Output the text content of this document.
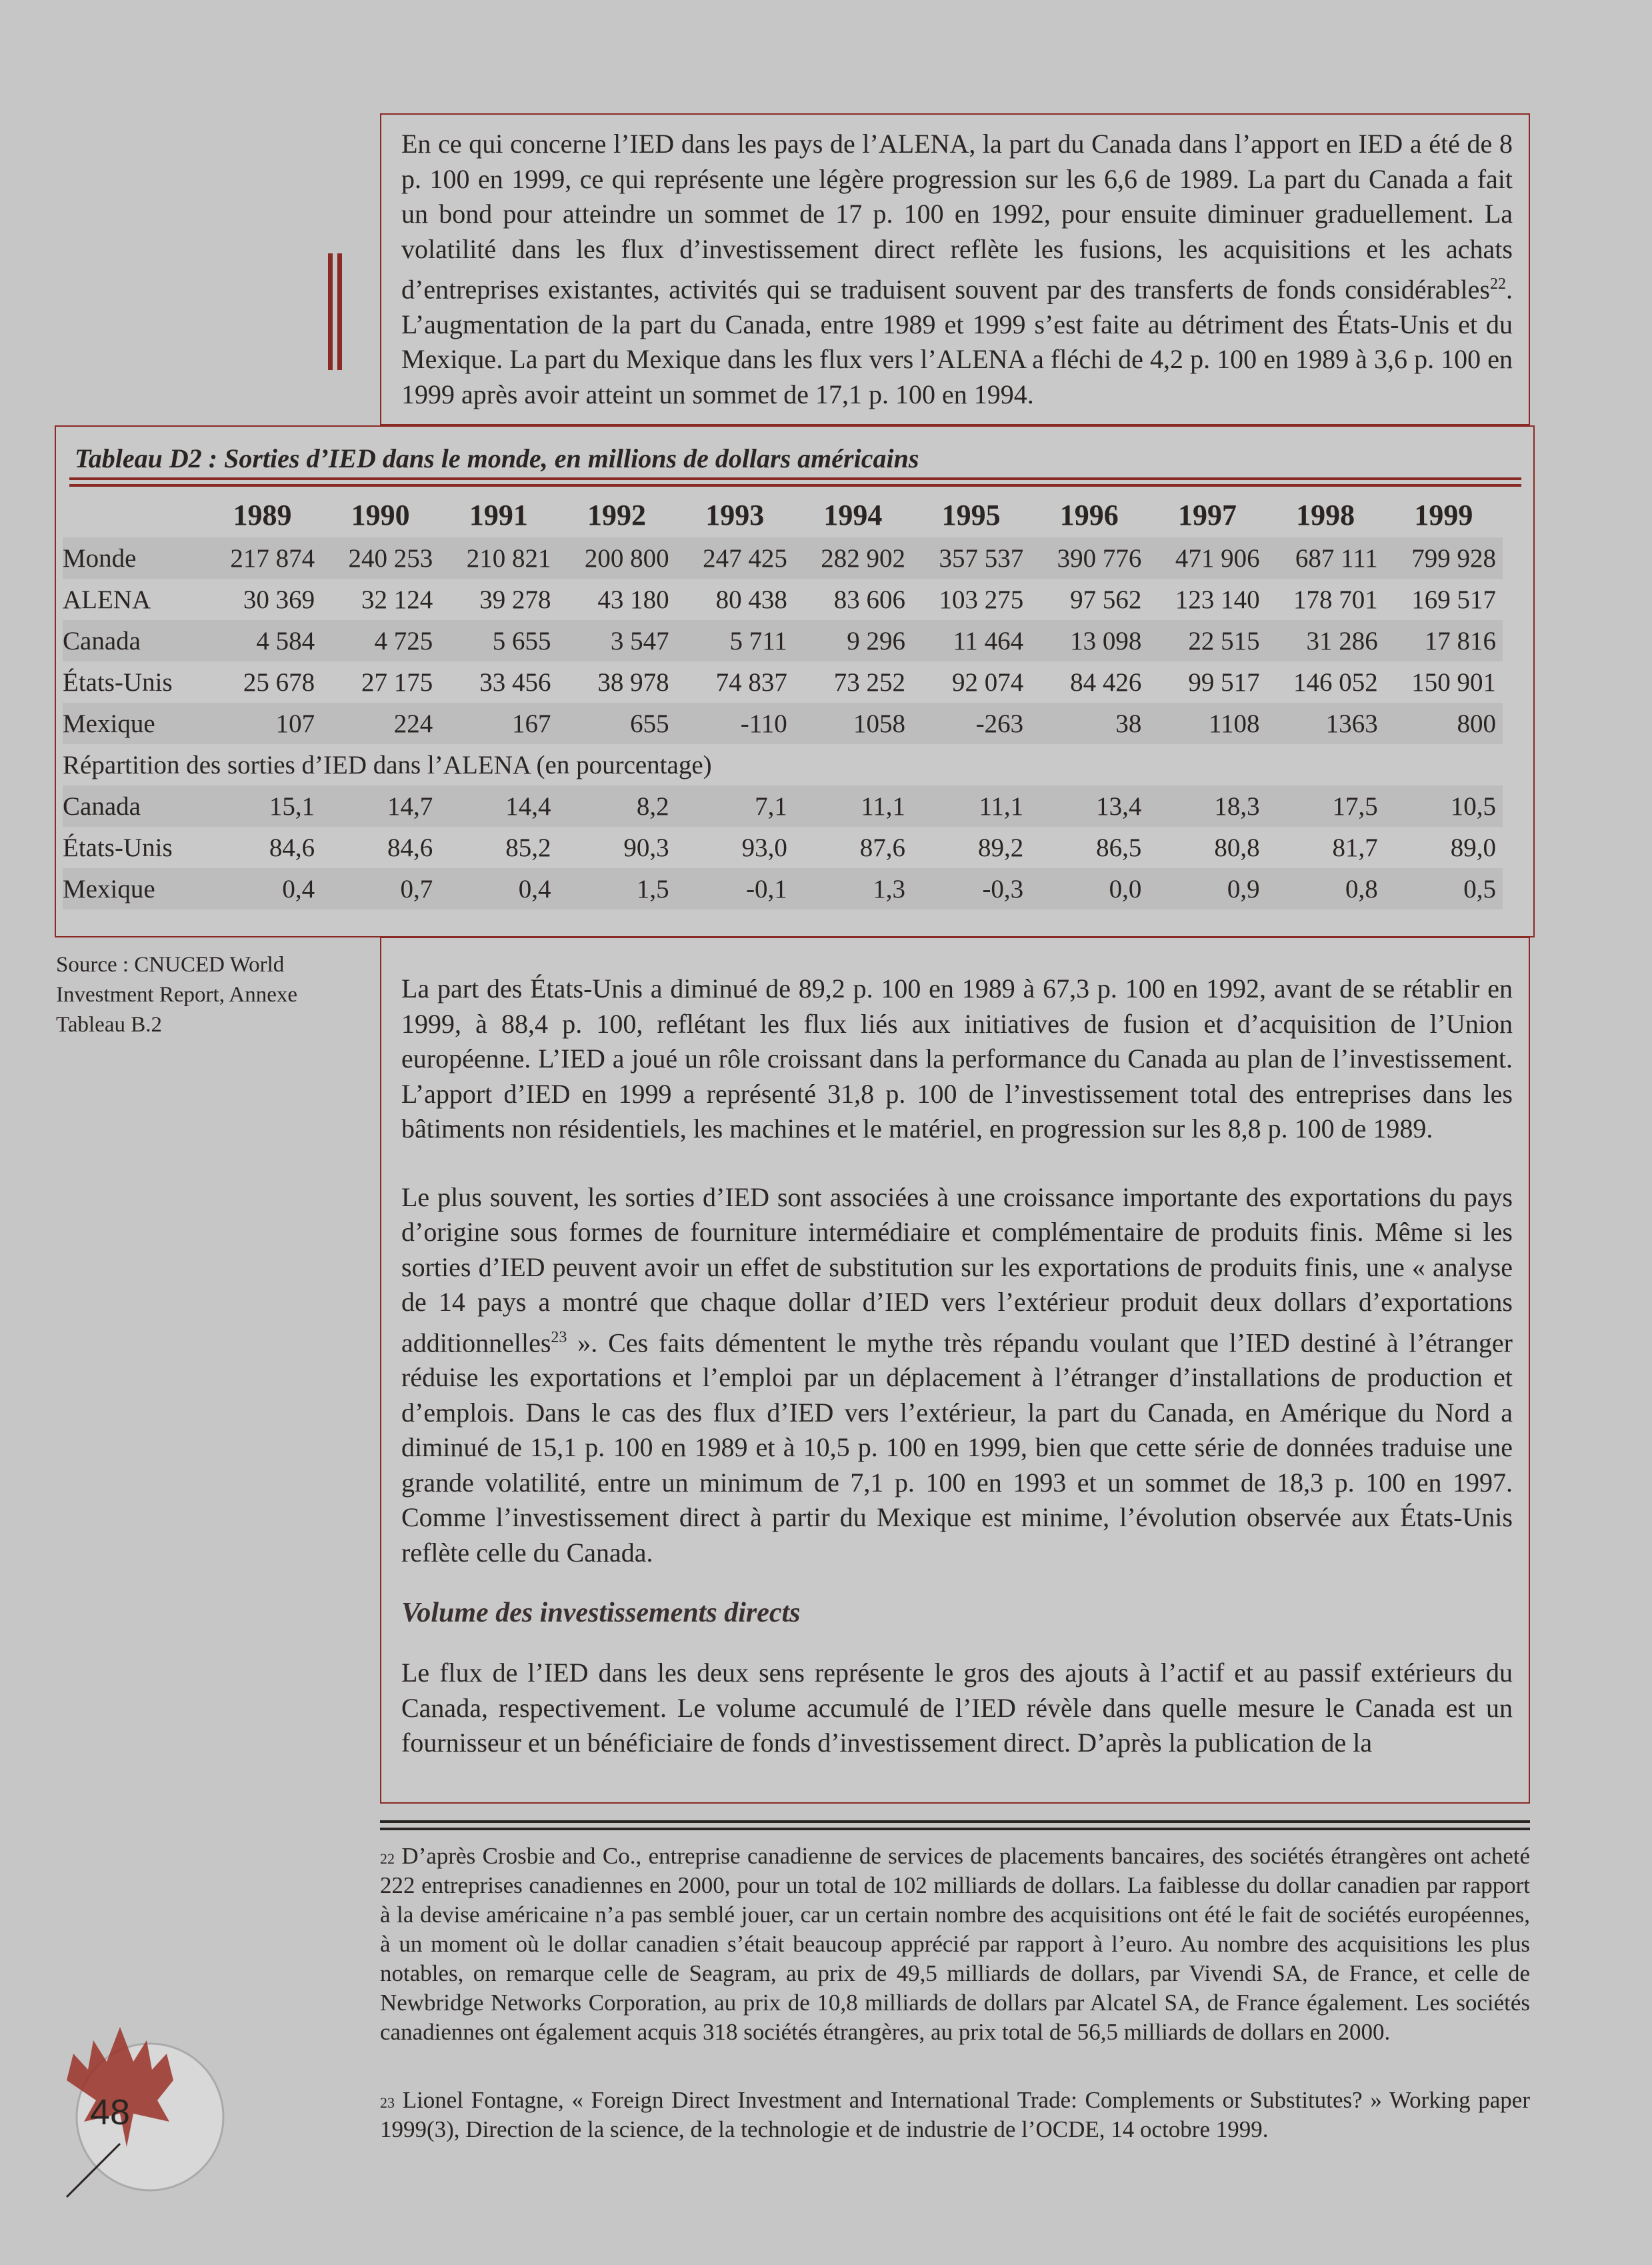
En ce qui concerne l’IED dans les pays de l’ALENA, la part du Canada dans l’apport en IED a été de 8 p. 100 en 1999, ce qui représente une légère progression sur les 6,6 de 1989. La part du Canada a fait un bond pour atteindre un sommet de 17 p. 100 en 1992, pour ensuite diminuer graduellement. La volatilité dans les flux d’investissement direct reflète les fusions, les acquisitions et les achats d’entreprises existantes, activités qui se traduisent souvent par des transferts de fonds considérables$^{22}$. L’augmentation de la part du Canada, entre 1989 et 1999 s’est faite au détriment des États-Unis et du Mexique. La part du Mexique dans les flux vers l’ALENA a fléchi de 4,2 p. 100 en 1989 à 3,6 p. 100 en 1999 après avoir atteint un sommet de 17,1 p. 100 en 1994.

Tableau D2 : Sorties d’IED dans le monde, en millions de dollars américains
	1989	1990	1991	1992	1993	1994	1995	1996	1997	1998	1999
Monde	217 874	240 253	210 821	200 800	247 425	282 902	357 537	390 776	471 906	687 111	799 928
ALENA	30 369	32 124	39 278	43 180	80 438	83 606	103 275	97 562	123 140	178 701	169 517
Canada	4 584	4 725	5 655	3 547	5 711	9 296	11 464	13 098	22 515	31 286	17 816
États-Unis	25 678	27 175	33 456	38 978	74 837	73 252	92 074	84 426	99 517	146 052	150 901
Mexique	107	224	167	655	-110	1058	-263	38	1108	1363	800
Répartition des sorties d’IED dans l’ALENA (en pourcentage)											
Canada	15,1	14,7	14,4	8,2	7,1	11,1	11,1	13,4	18,3	17,5	10,5
États-Unis	84,6	84,6	85,2	90,3	93,0	87,6	89,2	86,5	80,8	81,7	89,0
Mexique	0,4	0,7	0,4	1,5	-0,1	1,3	-0,3	0,0	0,9	0,8	0,5
Source : CNUCED World Investment Report, Annexe Tableau B.2

La part des États-Unis a diminué de 89,2 p. 100 en 1989 à 67,3 p. 100 en 1992, avant de se rétablir en 1999, à 88,4 p. 100, reflétant les flux liés aux initiatives de fusion et d’acquisition de l’Union européenne. L’IED a joué un rôle croissant dans la performance du Canada au plan de l’investissement. L’apport d’IED en 1999 a représenté 31,8 p. 100 de l’investissement total des entreprises dans les bâtiments non résidentiels, les machines et le matériel, en progression sur les 8,8 p. 100 de 1989.

Le plus souvent, les sorties d’IED sont associées à une croissance importante des exportations du pays d’origine sous formes de fourniture intermédiaire et complémentaire de produits finis. Même si les sorties d’IED peuvent avoir un effet de substitution sur les exportations de produits finis, une « analyse de 14 pays a montré que chaque dollar d’IED vers l’extérieur produit deux dollars d’exportations additionnelles$^{23}$ ». Ces faits démentent le mythe très répandu voulant que l’IED destiné à l’étranger réduise les exportations et l’emploi par un déplacement à l’étranger d’installations de production et d’emplois. Dans le cas des flux d’IED vers l’extérieur, la part du Canada, en Amérique du Nord a diminué de 15,1 p. 100 en 1989 et à 10,5 p. 100 en 1999, bien que cette série de données traduise une grande volatilité, entre un minimum de 7,1 p. 100 en 1993 et un sommet de 18,3 p. 100 en 1997. Comme l’investissement direct à partir du Mexique est minime, l’évolution observée aux États-Unis reflète celle du Canada.

Volume des investissements directs

Le flux de l’IED dans les deux sens représente le gros des ajouts à l’actif et au passif extérieurs du Canada, respectivement. Le volume accumulé de l’IED révèle dans quelle mesure le Canada est un fournisseur et un bénéficiaire de fonds d’investissement direct. D’après la publication de la

$^{22}$ D’après Crosbie and Co., entreprise canadienne de services de placements bancaires, des sociétés étrangères ont acheté 222 entreprises canadiennes en 2000, pour un total de 102 milliards de dollars. La faiblesse du dollar canadien par rapport à la devise américaine n’a pas semblé jouer, car un certain nombre des acquisitions ont été le fait de sociétés européennes, à un moment où le dollar canadien s’était beaucoup apprécié par rapport à l’euro. Au nombre des acquisitions les plus notables, on remarque celle de Seagram, au prix de 49,5 milliards de dollars, par Vivendi SA, de France, et celle de Newbridge Networks Corporation, au prix de 10,8 milliards de dollars par Alcatel SA, de France également. Les sociétés canadiennes ont également acquis 318 sociétés étrangères, au prix total de 56,5 milliards de dollars en 2000.
$^{23}$ Lionel Fontagne, « Foreign Direct Investment and International Trade: Complements or Substitutes? » Working paper 1999(3), Direction de la science, de la technologie et de industrie de l’OCDE, 14 octobre 1999.
48
